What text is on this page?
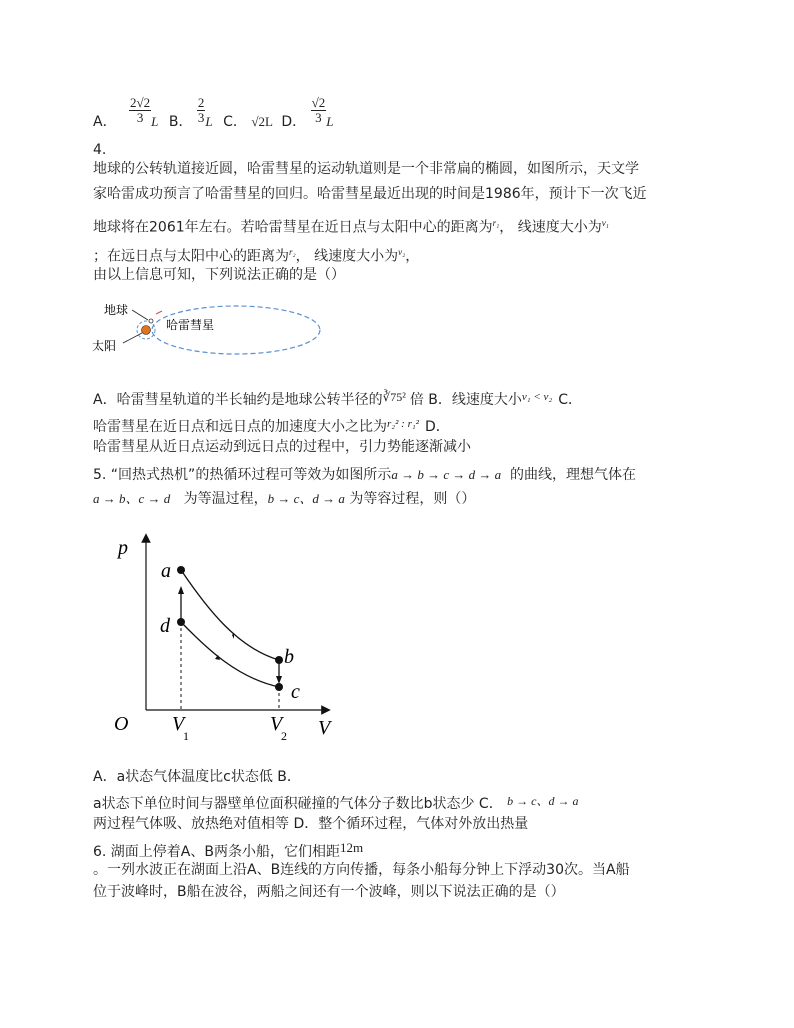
A． $\frac{2√2}{3}$ L B． $\frac{2}{3}$ L C． √2L D． $\frac{√2}{3}$ L
4.
地球的公转轨道接近圆，哈雷彗星的运动轨道则是一个非常扁的椭圆，如图所示，天文学
家哈雷成功预言了哈雷彗星的回归。哈雷彗星最近出现的时间是1986年，预计下一次飞近
地球将在2061年左右。若哈雷彗星在近日点与太阳中心的距离为$^{r_1}$， 线速度大小为$^{v_1}$
；在远日点与太阳中心的距离为$^{r_2}$， 线速度大小为$^{v_2}$，
由以上信息可知，下列说法正确的是（）
地球
哈雷彗星
太阳
A．哈雷彗星轨道的半长轴约是地球公转半径的∛75² 倍 B．线速度大小$^{v_1 < v_2}$ C．
哈雷彗星在近日点和远日点的加速度大小之比为$^{r_2^2 : r_1^2}$ D．
哈雷彗星从近日点运动到远日点的过程中，引力势能逐渐减小
5. “回热式热机”的热循环过程可等效为如图所示a → b → c → d → a 的曲线，理想气体在
a → b、c → d 为等温过程，b → c、d → a 为等容过程，则（）
p
V
O
a
d
b
c
V
1
V
2
A．a状态气体温度比c状态低 B．
a状态下单位时间与器壁单位面积碰撞的气体分子数比b状态少 C． b → c、d → a
两过程气体吸、放热绝对值相等 D．整个循环过程，气体对外放出热量
6. 湖面上停着A、B两条小船，它们相距12m
。一列水波正在湖面上沿A、B连线的方向传播，每条小船每分钟上下浮动30次。当A船
位于波峰时，B船在波谷，两船之间还有一个波峰，则以下说法正确的是（）
